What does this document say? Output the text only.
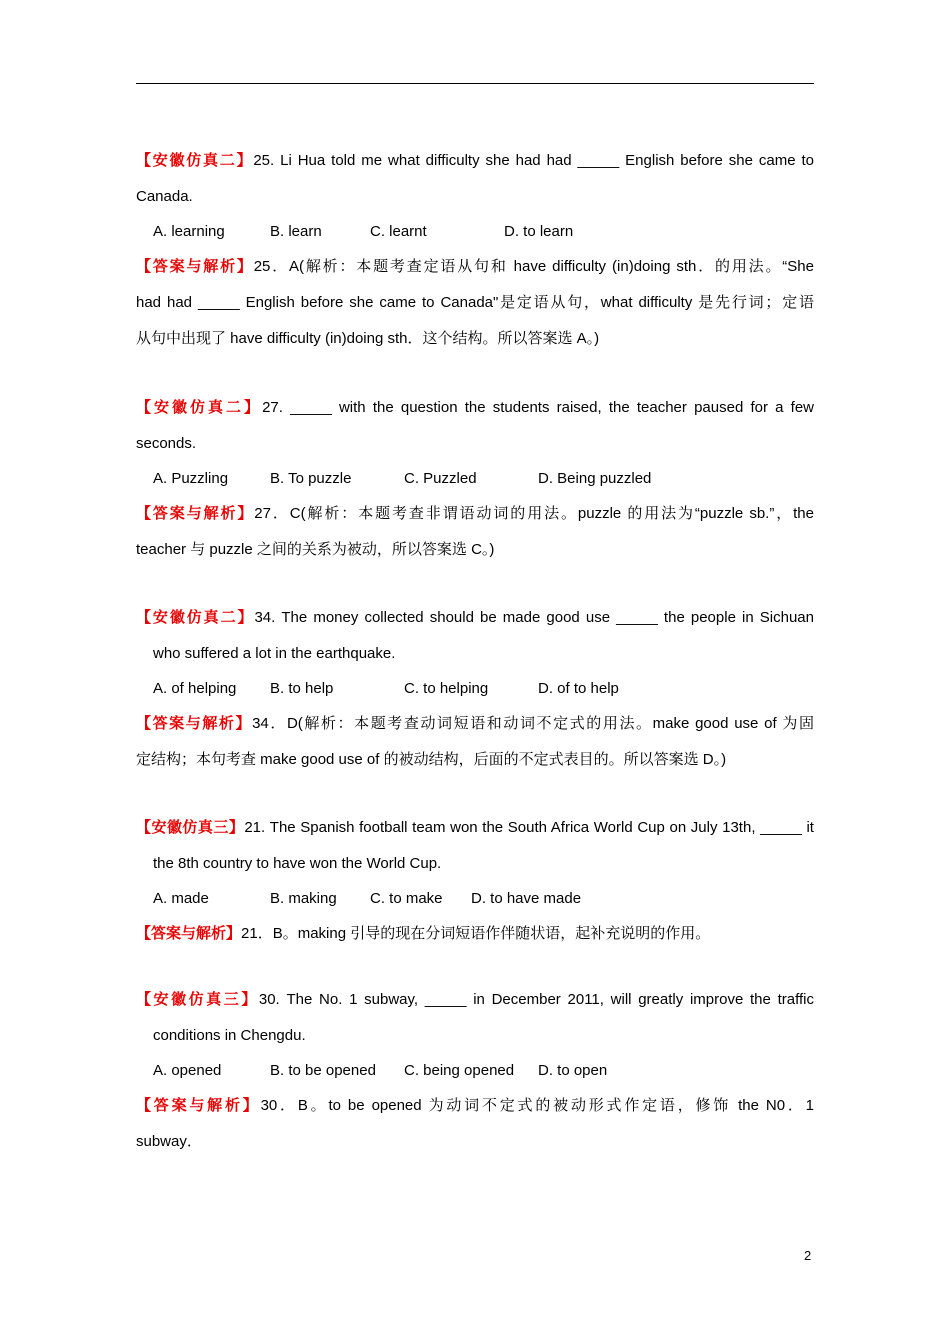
【安徽仿真二】25. Li Hua told me what difficulty she had had _____ English before she came to
Canada.
A. learning	B. learn	C. learnt	D. to learn
【答案与解析】25．A(解析：本题考查定语从句和 have difficulty (in)doing sth．的用法。“She
had had _____ English before she came to Canada"是定语从句，what difficulty 是先行词；定语
从句中出现了 have difficulty (in)doing sth．这个结构。所以答案选 A。)
【安徽仿真二】27. _____ with the question the students raised, the teacher paused for a few
seconds.
A. Puzzling	B. To puzzle	C. Puzzled	D. Being puzzled
【答案与解析】27．C(解析：本题考查非谓语动词的用法。puzzle 的用法为“puzzle sb.”，the
teacher 与 puzzle 之间的关系为被动，所以答案选 C。)
【安徽仿真二】34. The money collected should be made good use _____ the people in Sichuan
who suffered a lot in the earthquake.
A. of helping B. to help	C. to helping	D. of to help
【答案与解析】34．D(解析：本题考查动词短语和动词不定式的用法。make good use of 为固
定结构；本句考查 make good use of 的被动结构，后面的不定式表目的。所以答案选 D。)
【安徽仿真三】21. The Spanish football team won the South Africa World Cup on July 13th, _____ it
the 8th country to have won the World Cup.
A. made	B. making C. to make D. to have made
【答案与解析】21．B。making 引导的现在分词短语作伴随状语，起补充说明的作用。
【安徽仿真三】30. The No. 1 subway, _____ in December 2011, will greatly improve the traffic
conditions in Chengdu.
A. opened	B. to be opened C. being opened D. to open
【答案与解析】30．B。to be opened 为动词不定式的被动形式作定语，修饰 the N0．1
subway．
2
